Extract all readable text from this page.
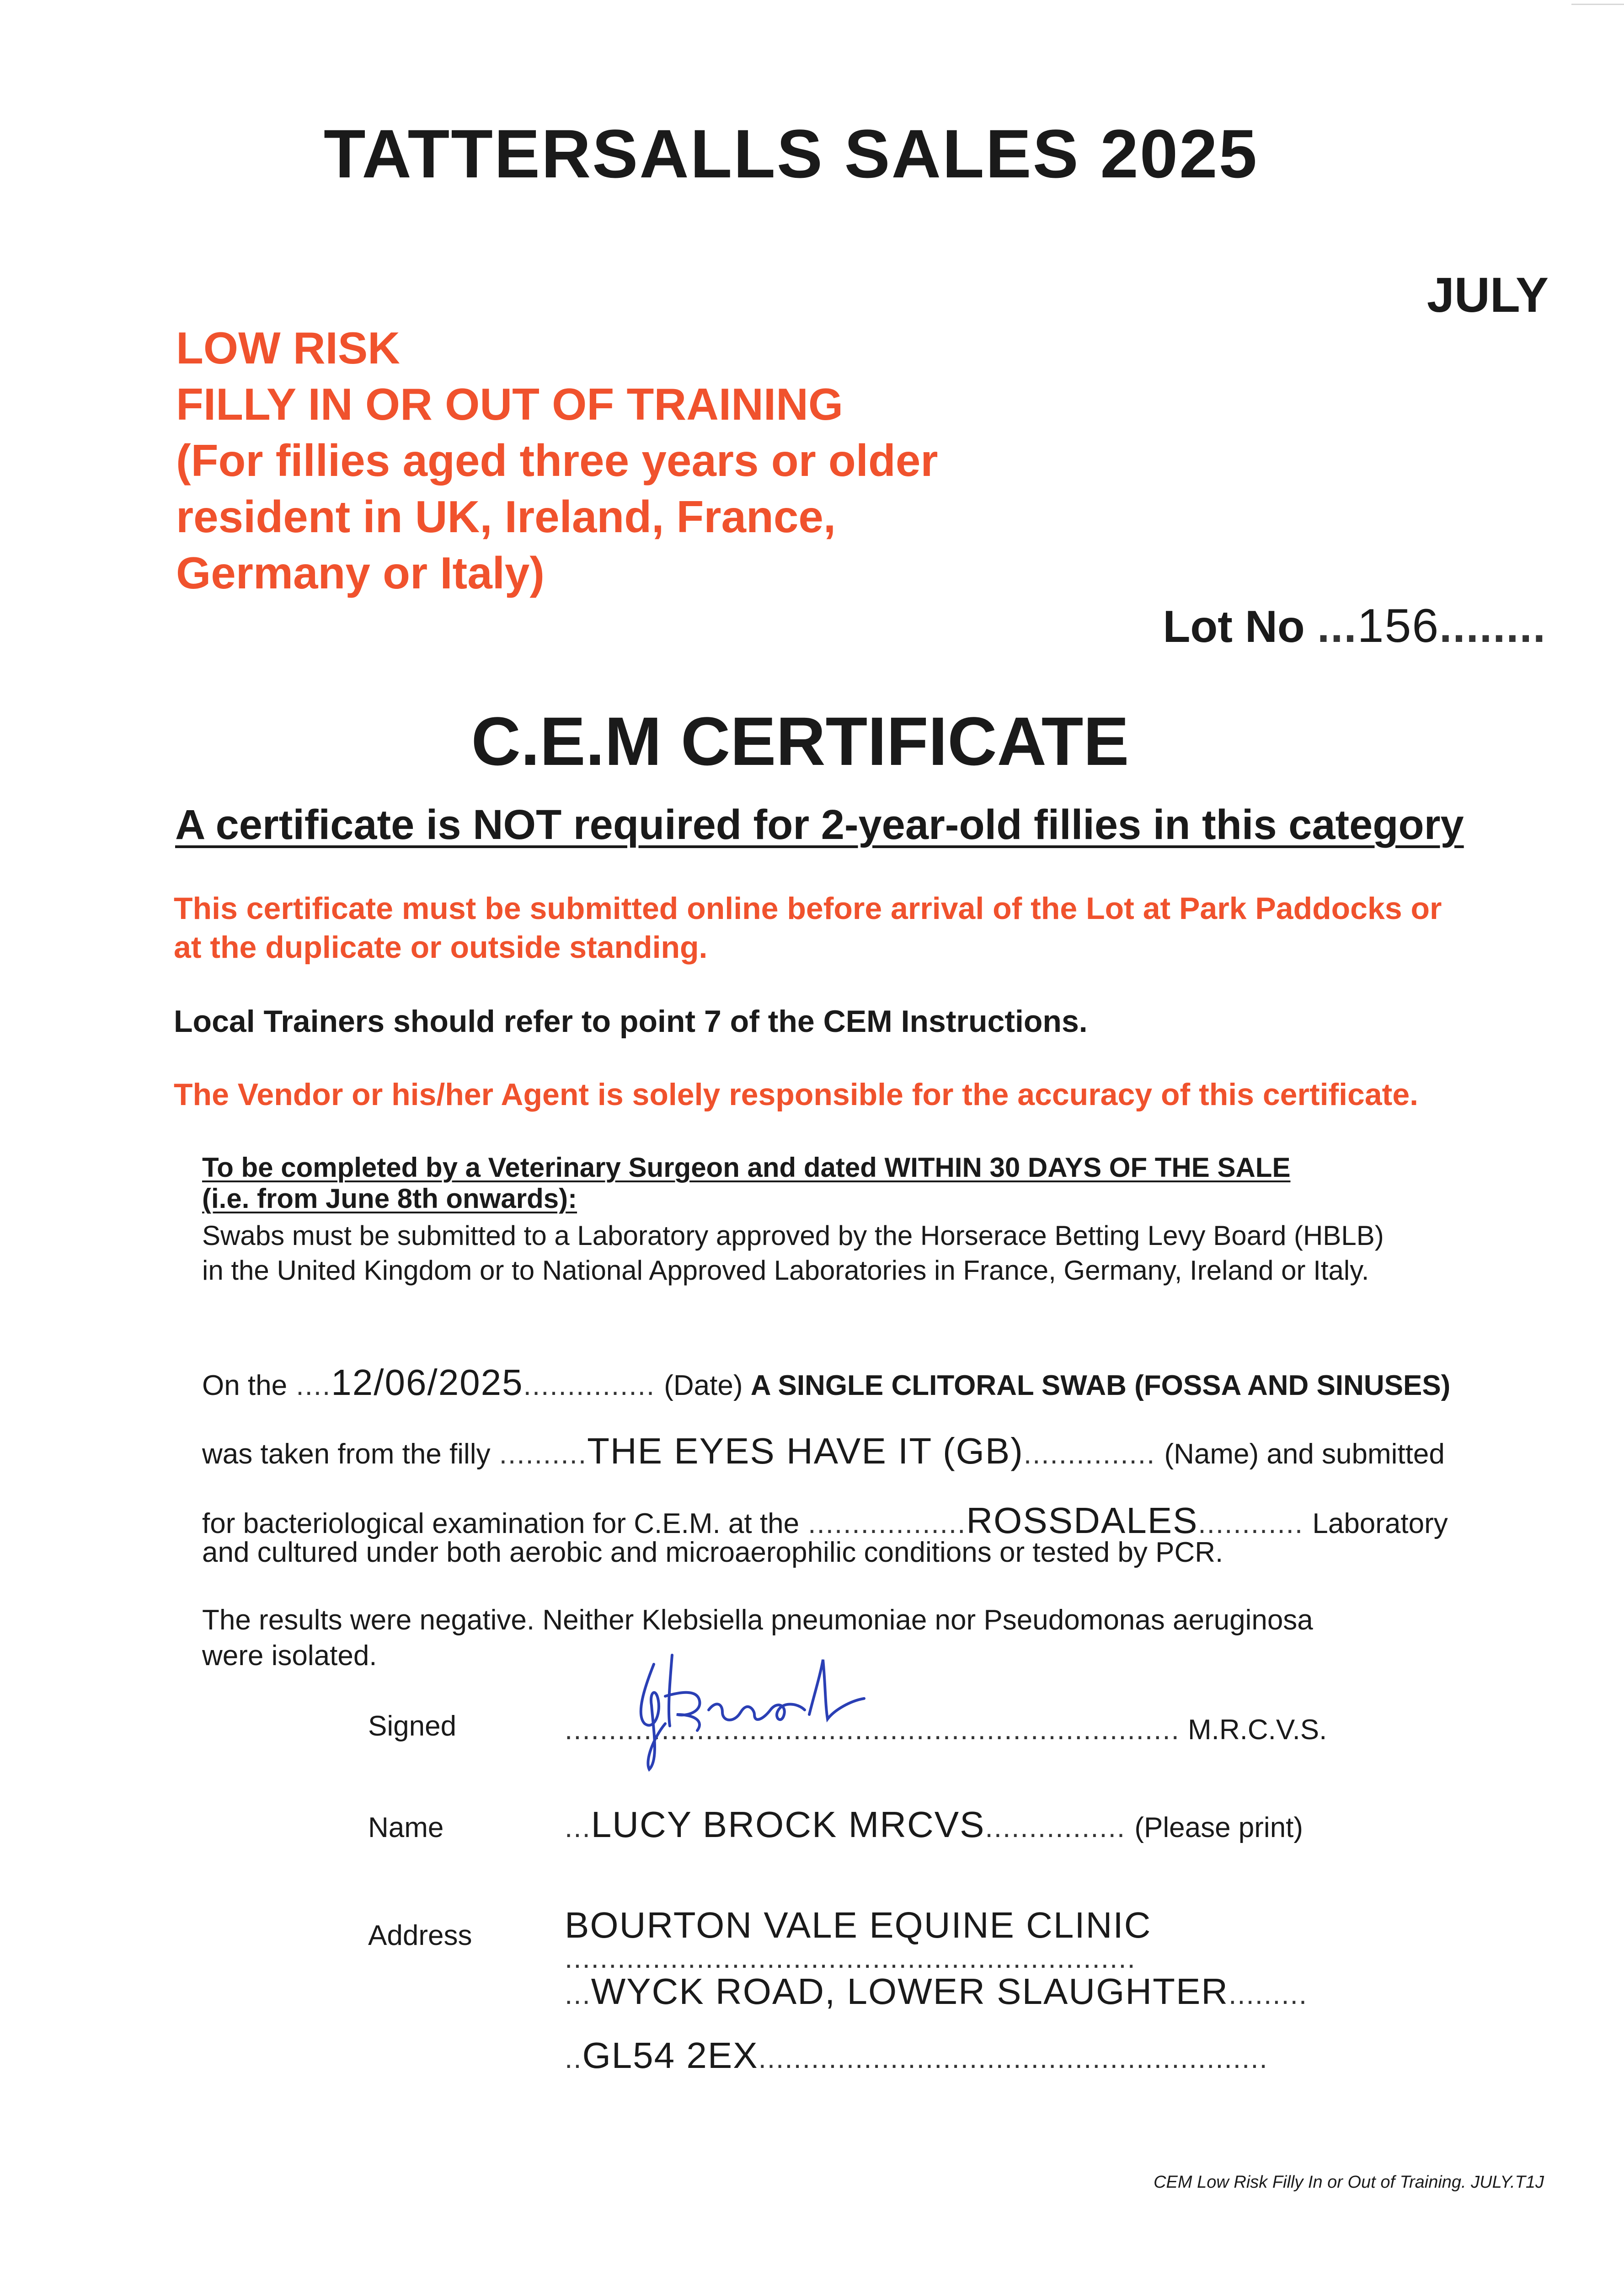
TATTERSALLS SALES 2025
JULY
LOW RISK
FILLY IN OR OUT OF TRAINING
(For fillies aged three years or older
resident in UK, Ireland, France,
Germany or Italy)
Lot No ...156........
C.E.M CERTIFICATE
A certificate is NOT required for 2-year-old fillies in this category
This certificate must be submitted online before arrival of the Lot at Park Paddocks or
at the duplicate or outside standing.
Local Trainers should refer to point 7 of the CEM Instructions.
The Vendor or his/her Agent is solely responsible for the accuracy of this certificate.
To be completed by a Veterinary Surgeon and dated WITHIN 30 DAYS OF THE SALE
(i.e. from June 8th onwards):
Swabs must be submitted to a Laboratory approved by the Horserace Betting Levy Board (HBLB)
in the United Kingdom or to National Approved Laboratories in France, Germany, Ireland or Italy.
On the ....12/06/2025............... (Date) A SINGLE CLITORAL SWAB (FOSSA AND SINUSES)
was taken from the filly ..........THE EYES HAVE IT (GB)............... (Name) and submitted
for bacteriological examination for C.E.M. at the ..................ROSSDALES............ Laboratory
and cultured under both aerobic and microaerophilic conditions or tested by PCR.
The results were negative. Neither Klebsiella pneumoniae nor Pseudomonas aeruginosa
were isolated.
Signed	...................................................................... M.R.C.V.S.
Name	...LUCY BROCK MRCVS................ (Please print)
Address	BOURTON VALE EQUINE CLINIC
.................................................................
...WYCK ROAD, LOWER SLAUGHTER.........
..GL54 2EX..........................................................
CEM Low Risk Filly In or Out of Training. JULY.T1J
